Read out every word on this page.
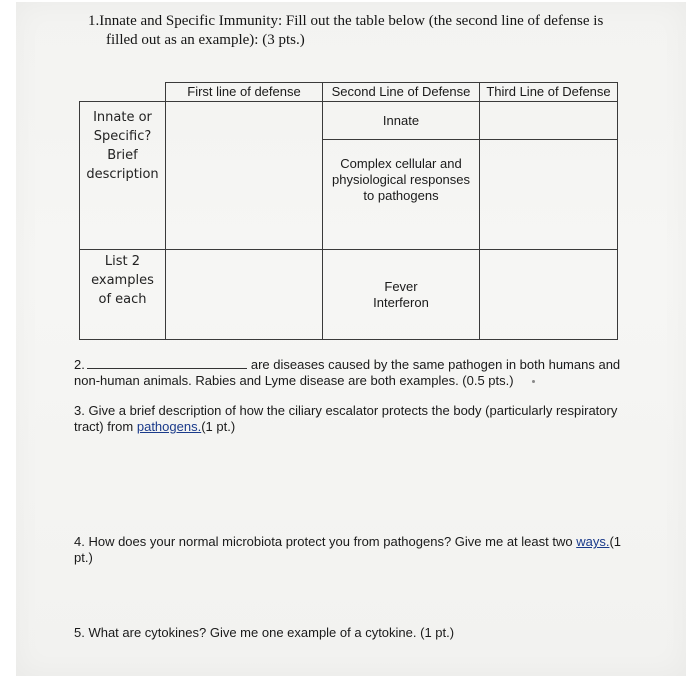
1.Innate and Specific Immunity: Fill out the table below (the second line of defense is
filled out as an example): (3 pts.)
	First line of defense	Second Line of Defense	Third Line of Defense

Innate or
Specific?
Brief
description		Innate	

		Complex cellular and
physiological responses
to pathogens	

List 2
examples
of each		Fever
Interferon	

2.	are diseases caused by the same pathogen in both humans and
non-human animals. Rabies and Lyme disease are both examples. (0.5 pts.)
3. Give a brief description of how the ciliary escalator protects the body (particularly respiratory
tract) from pathogens.(1 pt.)
4. How does your normal microbiota protect you from pathogens? Give me at least two ways.(1 pt.)
5. What are cytokines? Give me one example of a cytokine. (1 pt.)
